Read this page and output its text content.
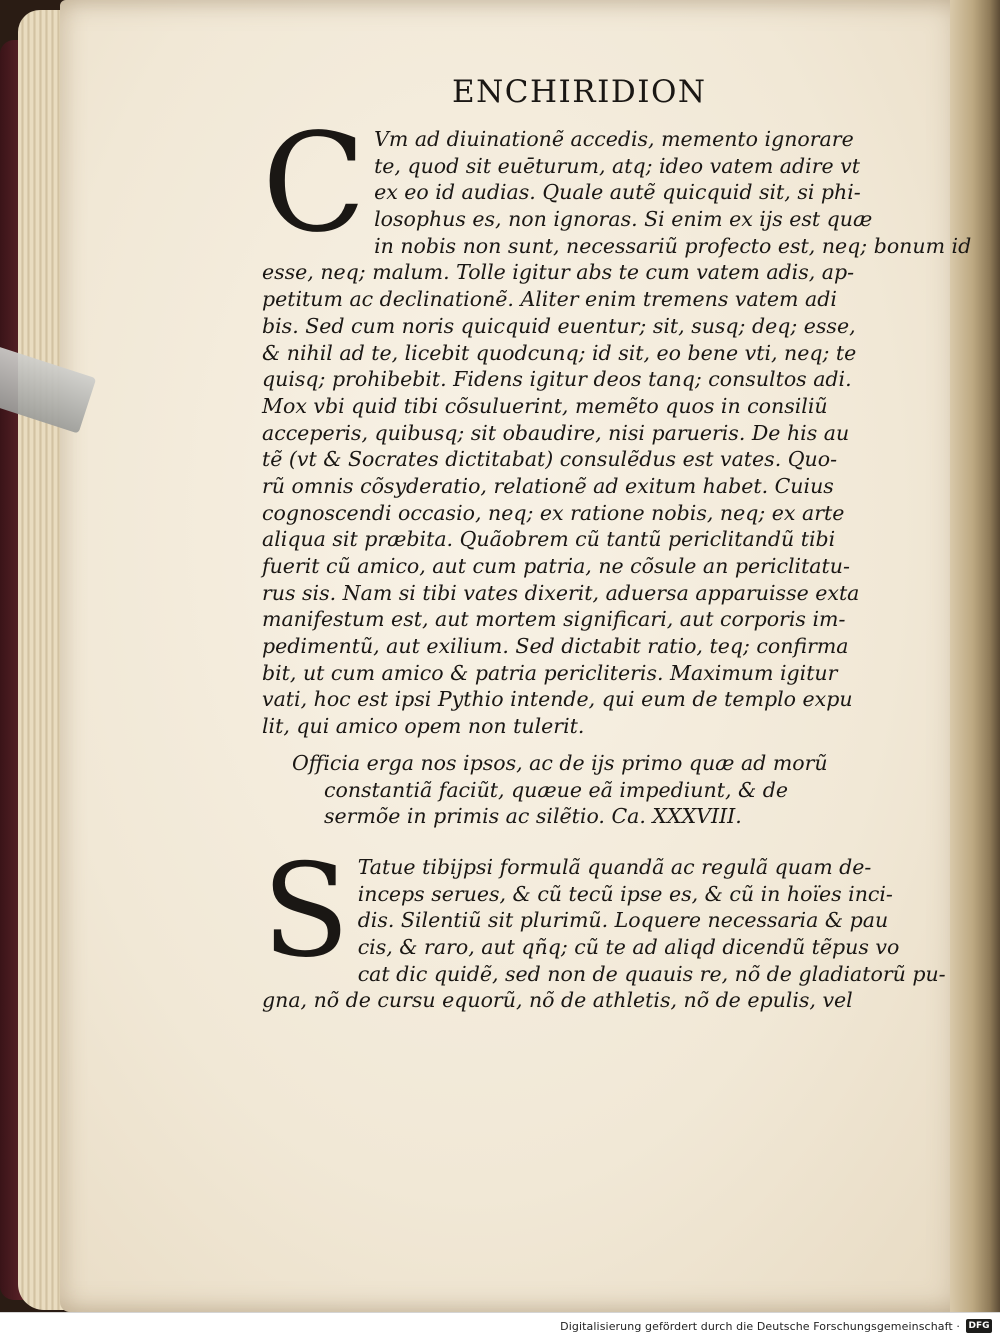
ENCHIRIDION
C Vm ad diuinationẽ accedis, memento ignorare
te, quod sit euēturum, atq; ideo vatem adire vt
ex eo id audias. Quale autẽ quicquid sit, si phi-
losophus es, non ignoras. Si enim ex ijs est quæ
in nobis non sunt, necessariũ profecto est, neq; bonum id
esse, neq; malum. Tolle igitur abs te cum vatem adis, ap-
petitum ac declinationẽ. Aliter enim tremens vatem adi
bis. Sed cum noris quicquid euentur; sit, susq; deq; esse,
& nihil ad te, licebit quodcunq; id sit, eo bene vti, neq; te
quisq; prohibebit. Fidens igitur deos tanq; consultos adi.
Mox vbi quid tibi cõsuluerint, memẽto quos in consiliũ
acceperis, quibusq; sit obaudire, nisi parueris. De his au
tẽ (vt & Socrates dictitabat) consulẽdus est vates. Quo-
rũ omnis cõsyderatio, relationẽ ad exitum habet. Cuius
cognoscendi occasio, neq; ex ratione nobis, neq; ex arte
aliqua sit præbita. Quãobrem cũ tantũ periclitandũ tibi
fuerit cũ amico, aut cum patria, ne cõsule an periclitatu-
rus sis. Nam si tibi vates dixerit, aduersa apparuisse exta
manifestum est, aut mortem significari, aut corporis im-
pedimentũ, aut exilium. Sed dictabit ratio, teq; confirma
bit, ut cum amico & patria pericliteris. Maximum igitur
vati, hoc est ipsi Pythio intende, qui eum de templo expu
lit, qui amico opem non tulerit.
Officia erga nos ipsos, ac de ijs primo quæ ad morũ
constantiã faciũt, quæue eã impediunt, & de
sermõe in primis ac silẽtio. Ca. XXXVIII.
S Tatue tibijpsi formulã quandã ac regulã quam de-
inceps serues, & cũ tecũ ipse es, & cũ in hoïes inci-
dis. Silentiũ sit plurimũ. Loquere necessaria & pau
cis, & raro, aut qñq; cũ te ad aliqd dicendũ tẽpus vo
cat dic quidẽ, sed non de quauis re, nõ de gladiatorũ pu-
gna, nõ de cursu equorũ, nõ de athletis, nõ de epulis, vel
Digitalisierung gefördert durch die Deutsche Forschungsgemeinschaft · DFG
